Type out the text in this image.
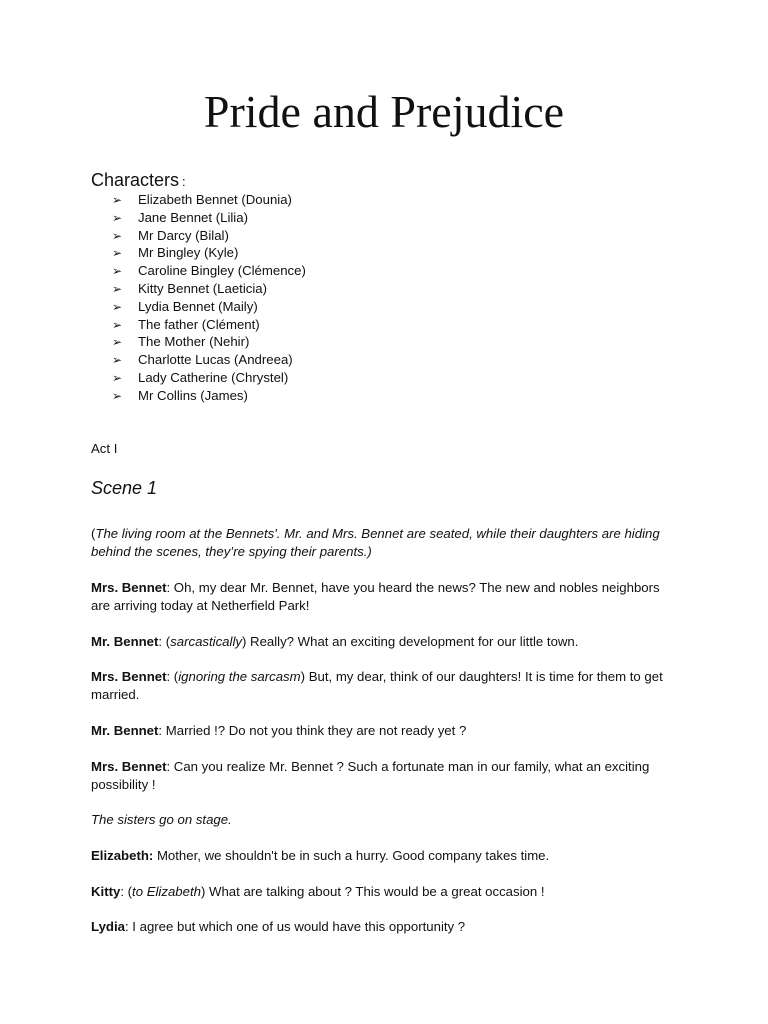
Pride and Prejudice
Characters :
➢ Elizabeth Bennet (Dounia)
➢ Jane Bennet (Lilia)
➢ Mr Darcy (Bilal)
➢ Mr Bingley (Kyle)
➢ Caroline Bingley (Clémence)
➢ Kitty Bennet (Laeticia)
➢ Lydia Bennet (Maily)
➢ The father (Clément)
➢ The Mother (Nehir)
➢ Charlotte Lucas (Andreea)
➢ Lady Catherine (Chrystel)
➢ Mr Collins (James)

Act I

Scene 1

(The living room at the Bennets'. Mr. and Mrs. Bennet are seated, while their daughters are hiding behind the scenes, they’re spying their parents.)

Mrs. Bennet: Oh, my dear Mr. Bennet, have you heard the news? The new and nobles neighbors are arriving today at Netherfield Park!

Mr. Bennet: (sarcastically) Really? What an exciting development for our little town.

Mrs. Bennet: (ignoring the sarcasm) But, my dear, think of our daughters! It is time for them to get married.

Mr. Bennet: Married !? Do not you think they are not ready yet ?

Mrs. Bennet: Can you realize Mr. Bennet ? Such a fortunate man in our family, what an exciting possibility !

The sisters go on stage.

Elizabeth: Mother, we shouldn't be in such a hurry. Good company takes time.

Kitty: (to Elizabeth) What are talking about ? This would be a great occasion !

Lydia: I agree but which one of us would have this opportunity ?
